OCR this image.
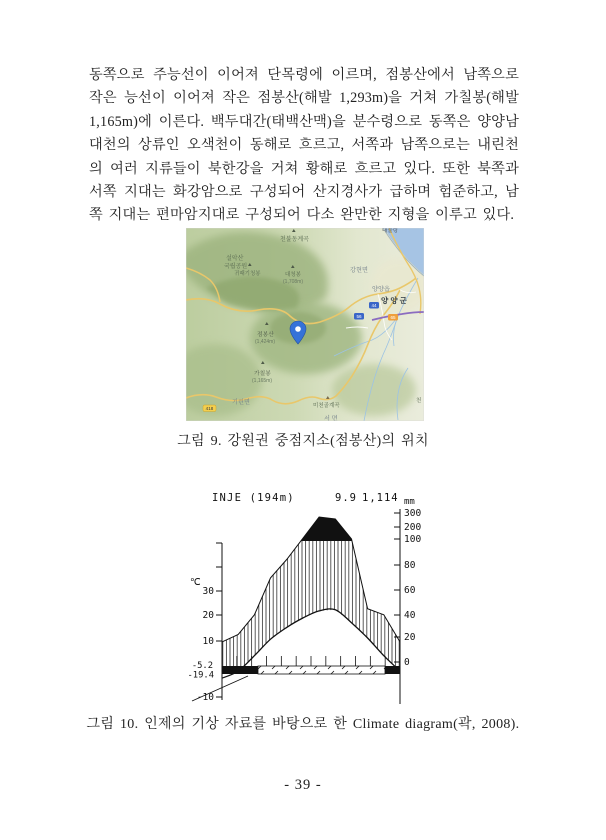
동쪽으로 주능선이 이어져 단목령에 이르며, 점봉산에서 남쪽으로 작은 능선이 이어져 작은 점봉산(해발 1,293m)을 거쳐 가칠봉(해발 1,165m)에 이른다. 백두대간(태백산맥)을 분수령으로 동쪽은 양양남대천의 상류인 오색천이 동해로 흐르고, 서쪽과 남쪽으로는 내린천의 여러 지류들이 북한강을 거쳐 황해로 흐르고 있다. 또한 북쪽과 서쪽 지대는 화강암으로 구성되어 산지경사가 급하며 험준하고, 남쪽 지대는 편마암지대로 구성되어 다소 완만한 지형을 이루고 있다.
44
56	65
418
대물령
천불동계곡
설악산
국립공원
귀때기청봉	대청봉
(1,708m)
강현면
양양읍
양 양 군
점봉산
(1,424m)
가칠봉
(1,165m)
기린면	미천골계곡
서 면
천
그림 9. 강원권 중점지소(점봉산)의 위치
INJE (194m)	9.9 1,114
℃
30
20
10
-10
-5.2
-19.4
mm
300
200
100
80
60
40
20
0
그림 10. 인제의 기상 자료를 바탕으로 한 Climate diagram(곽, 2008).
- 39 -
